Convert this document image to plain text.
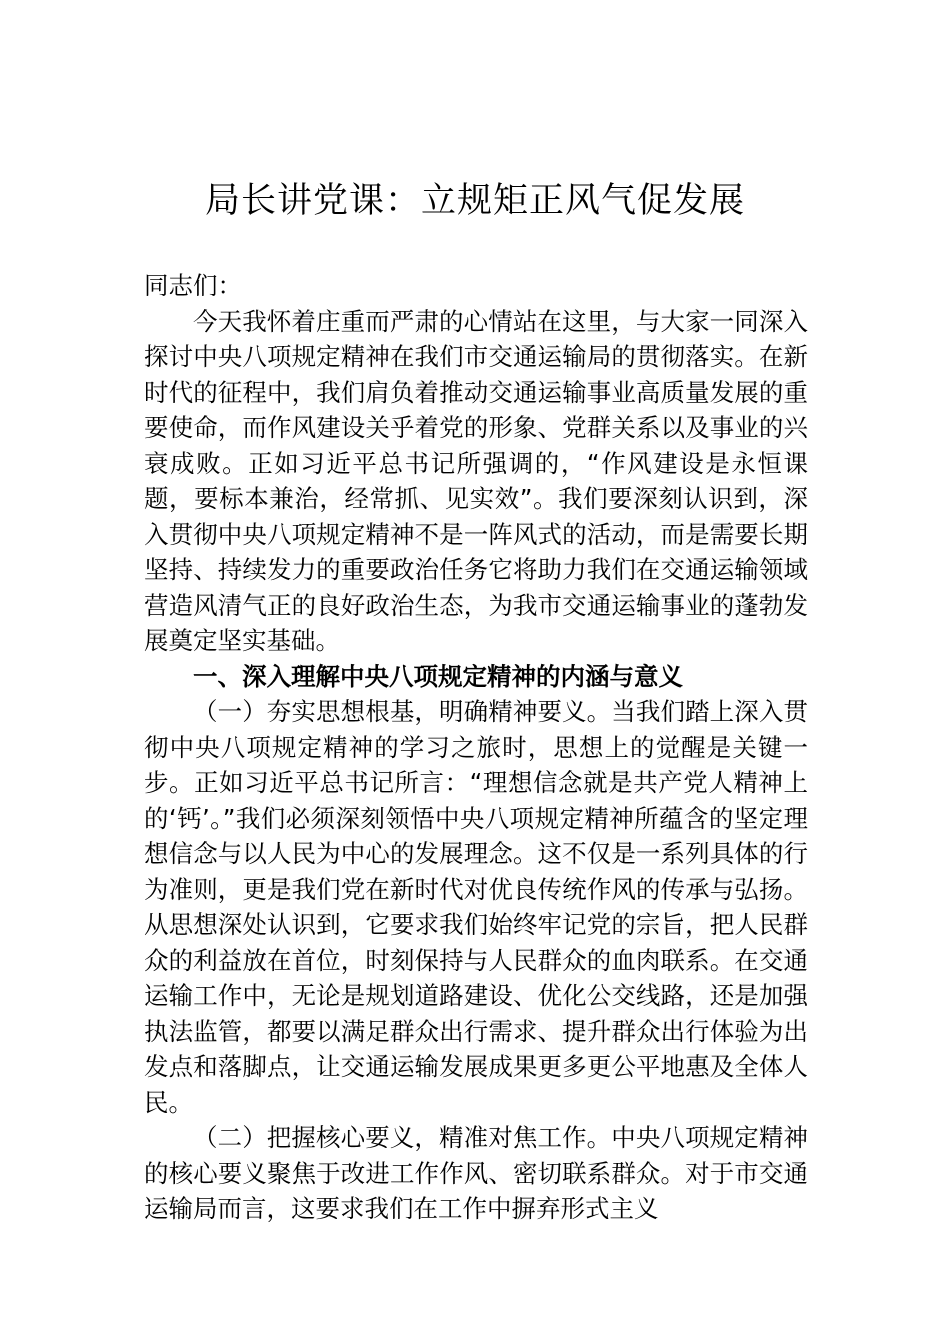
局长讲党课：立规矩正风气促发展

同志们：

今天我怀着庄重而严肃的心情站在这里，与大家一同深入探讨中央八项规定精神在我们市交通运输局的贯彻落实。在新时代的征程中，我们肩负着推动交通运输事业高质量发展的重要使命，而作风建设关乎着党的形象、党群关系以及事业的兴衰成败。正如习近平总书记所强调的，“作风建设是永恒课题，要标本兼治，经常抓、见实效”。我们要深刻认识到，深入贯彻中央八项规定精神不是一阵风式的活动，而是需要长期坚持、持续发力的重要政治任务它将助力我们在交通运输领域营造风清气正的良好政治生态，为我市交通运输事业的蓬勃发展奠定坚实基础。

一、深入理解中央八项规定精神的内涵与意义

（一）夯实思想根基，明确精神要义。当我们踏上深入贯彻中央八项规定精神的学习之旅时，思想上的觉醒是关键一步。正如习近平总书记所言：“理想信念就是共产党人精神上的‘钙’。”我们必须深刻领悟中央八项规定精神所蕴含的坚定理想信念与以人民为中心的发展理念。这不仅是一系列具体的行为准则，更是我们党在新时代对优良传统作风的传承与弘扬。从思想深处认识到，它要求我们始终牢记党的宗旨，把人民群众的利益放在首位，时刻保持与人民群众的血肉联系。在交通运输工作中，无论是规划道路建设、优化公交线路，还是加强执法监管，都要以满足群众出行需求、提升群众出行体验为出发点和落脚点，让交通运输发展成果更多更公平地惠及全体人民。

（二）把握核心要义，精准对焦工作。中央八项规定精神的核心要义聚焦于改进工作作风、密切联系群众。对于市交通运输局而言，这要求我们在工作中摒弃形式主义
